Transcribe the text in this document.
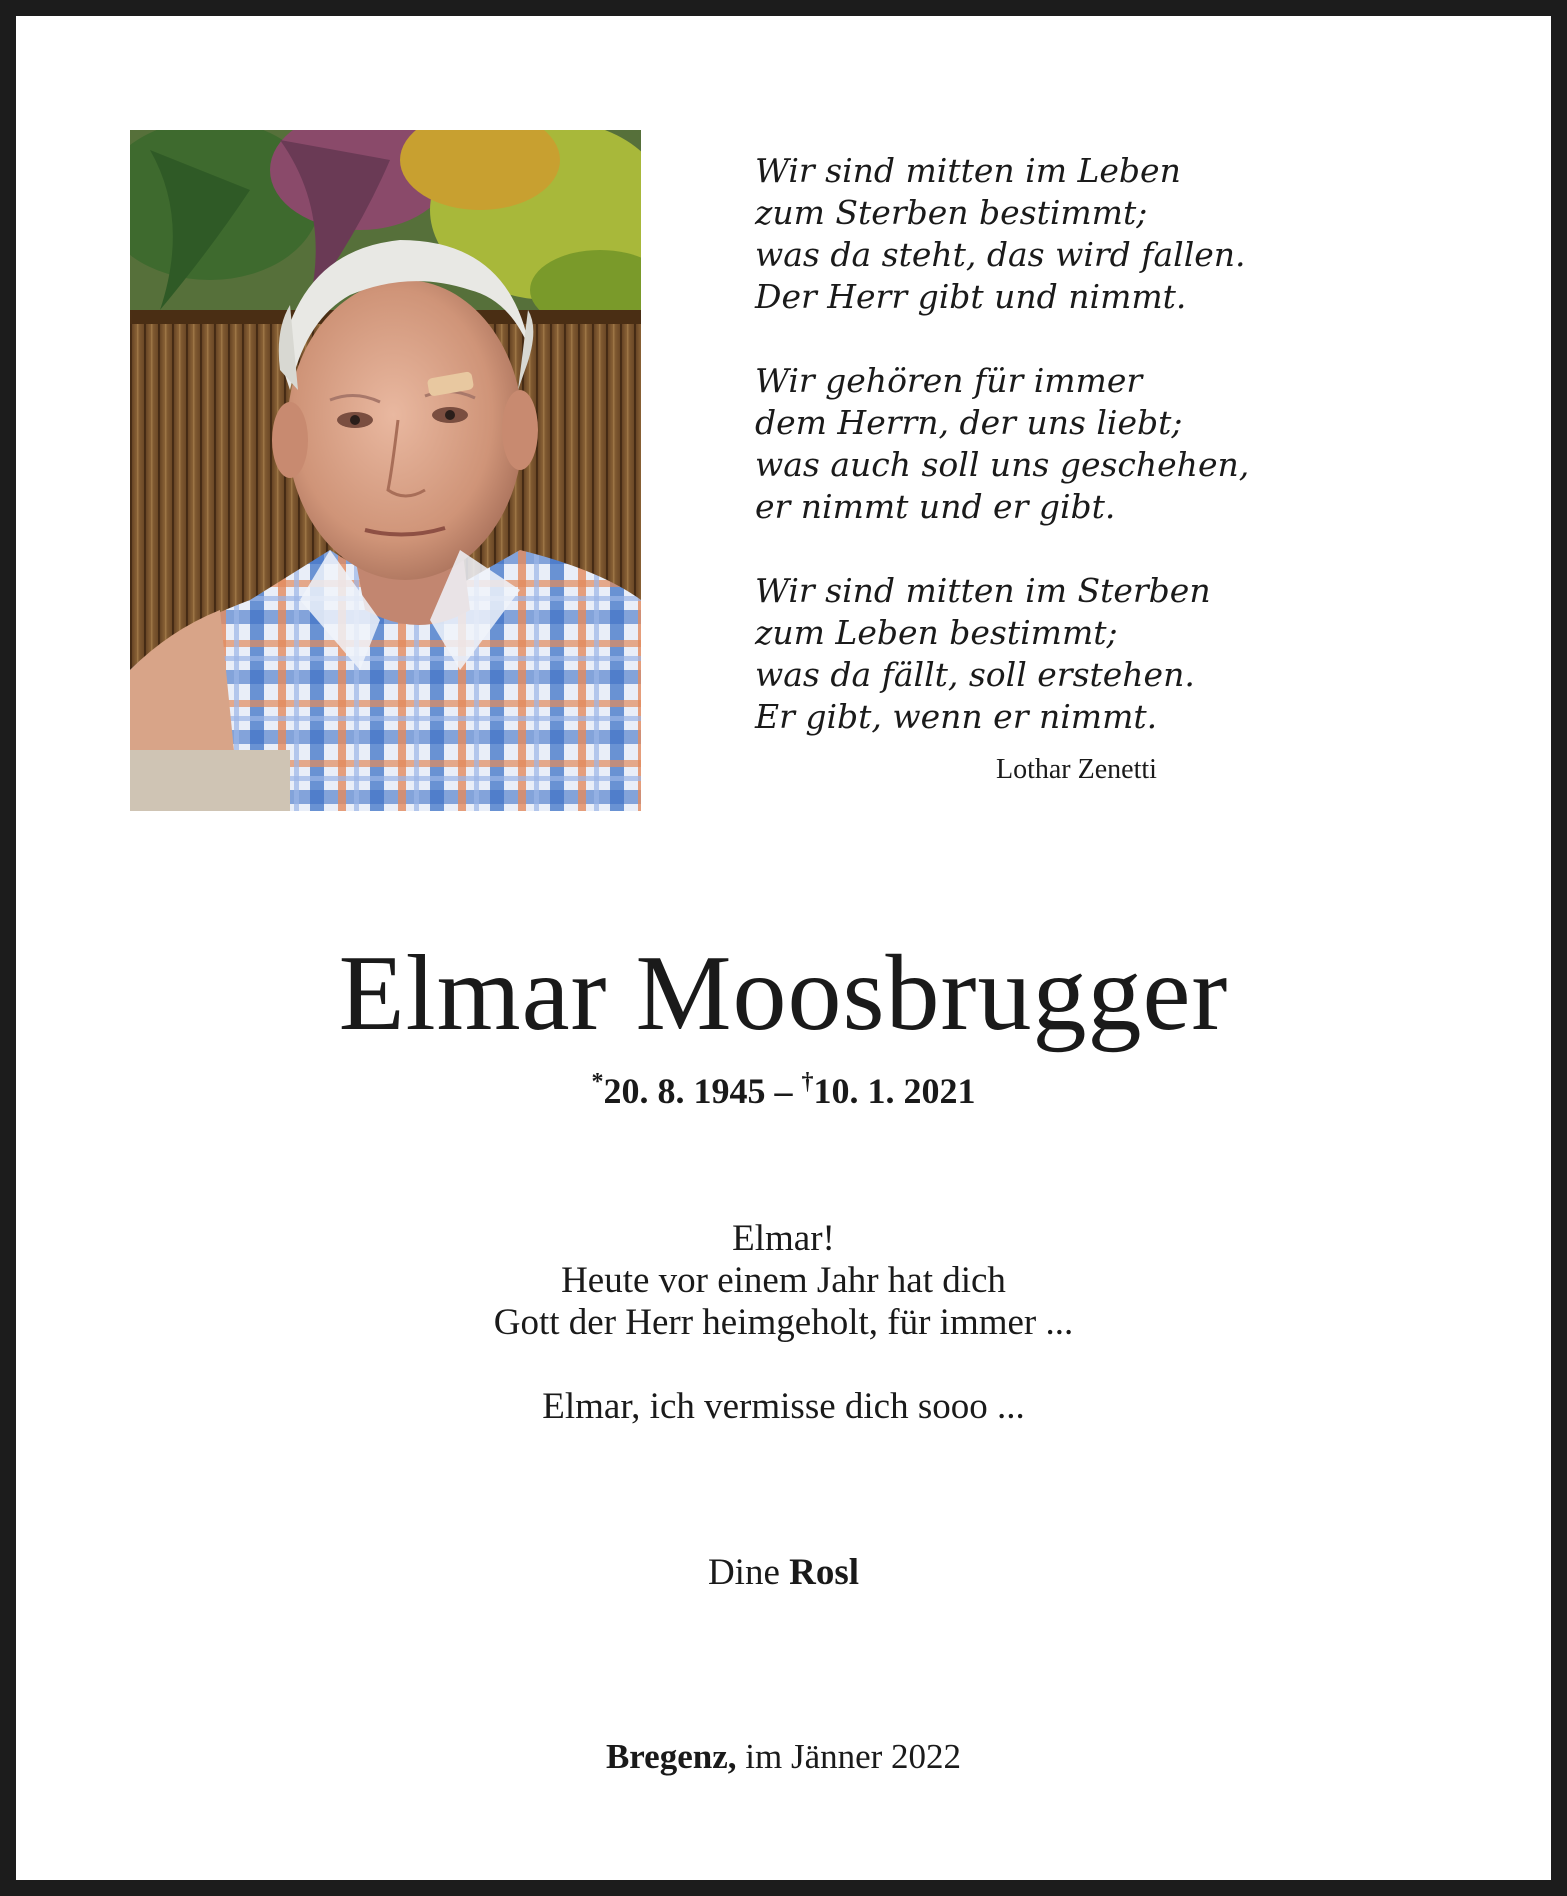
Wir sind mitten im Leben
zum Sterben bestimmt;
was da steht, das wird fallen.
Der Herr gibt und nimmt.
Wir gehören für immer
dem Herrn, der uns liebt;
was auch soll uns geschehen,
er nimmt und er gibt.
Wir sind mitten im Sterben
zum Leben bestimmt;
was da fällt, soll erstehen.
Er gibt, wenn er nimmt.
Lothar Zenetti
Elmar Moosbrugger
*20. 8. 1945 – †10. 1. 2021
Elmar!
Heute vor einem Jahr hat dich
Gott der Herr heimgeholt, für immer ...
Elmar, ich vermisse dich sooo ...
Dine Rosl
Bregenz, im Jänner 2022
